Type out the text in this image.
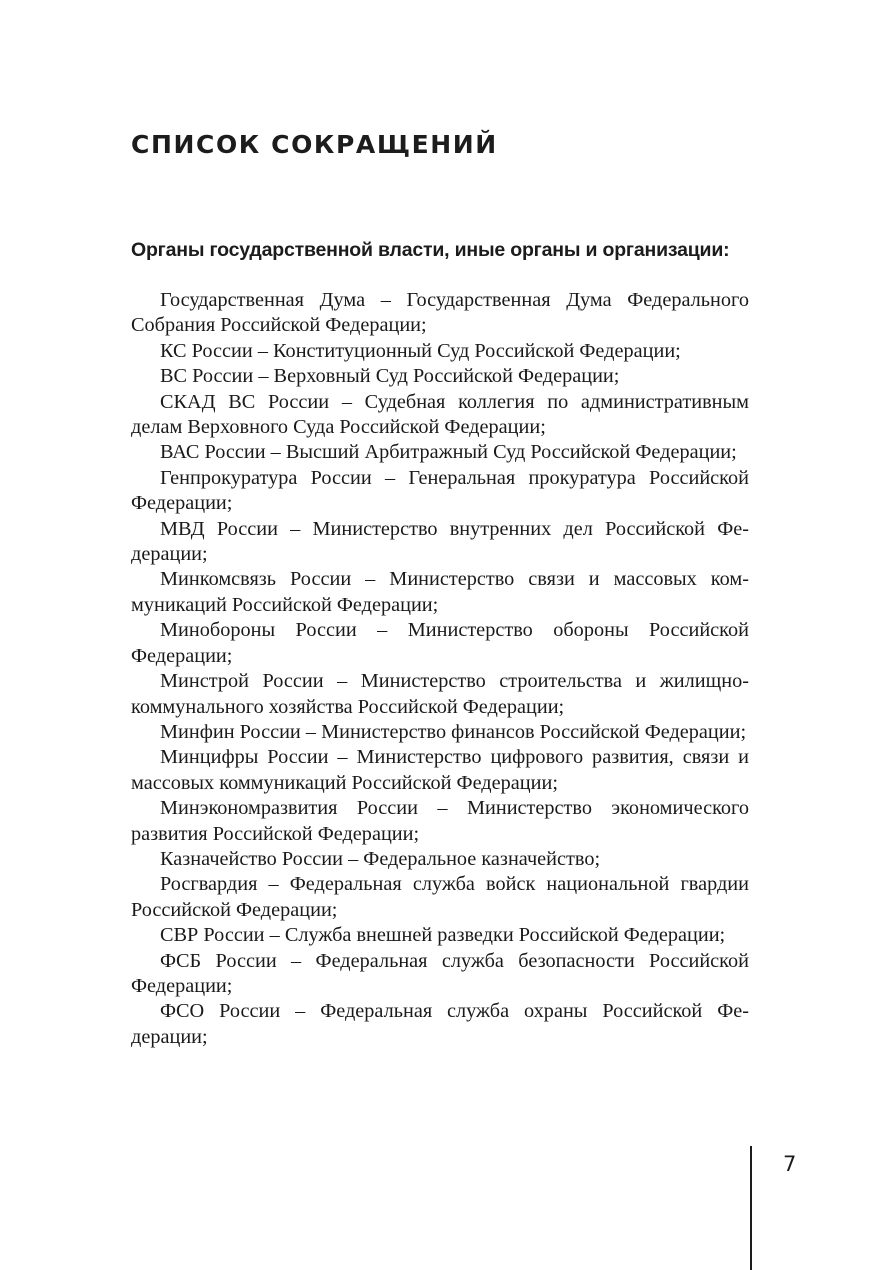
СПИСОК СОКРАЩЕНИЙ
Органы государственной власти, иные органы и организации:
Государственная Дума – Государственная Дума Федерального Собрания Российской Федерации;
КС России – Конституционный Суд Российской Федерации;
ВС России – Верховный Суд Российской Федерации;
СКАД ВС России – Судебная коллегия по административным делам Верховного Суда Российской Федерации;
ВАС России – Высший Арбитражный Суд Российской Федерации;
Генпрокуратура России – Генеральная прокуратура Российской Федерации;
МВД России – Министерство внутренних дел Российской Федерации;
Минкомсвязь России – Министерство связи и массовых коммуникаций Российской Федерации;
Минобороны России – Министерство обороны Российской Федерации;
Минстрой России – Министерство строительства и жилищно-коммунального хозяйства Российской Федерации;
Минфин России – Министерство финансов Российской Федерации;
Минцифры России – Министерство цифрового развития, связи и массовых коммуникаций Российской Федерации;
Минэкономразвития России – Министерство экономического развития Российской Федерации;
Казначейство России – Федеральное казначейство;
Росгвардия – Федеральная служба войск национальной гвардии Российской Федерации;
СВР России – Служба внешней разведки Российской Федерации;
ФСБ России – Федеральная служба безопасности Российской Федерации;
ФСО России – Федеральная служба охраны Российской Федерации;
7
